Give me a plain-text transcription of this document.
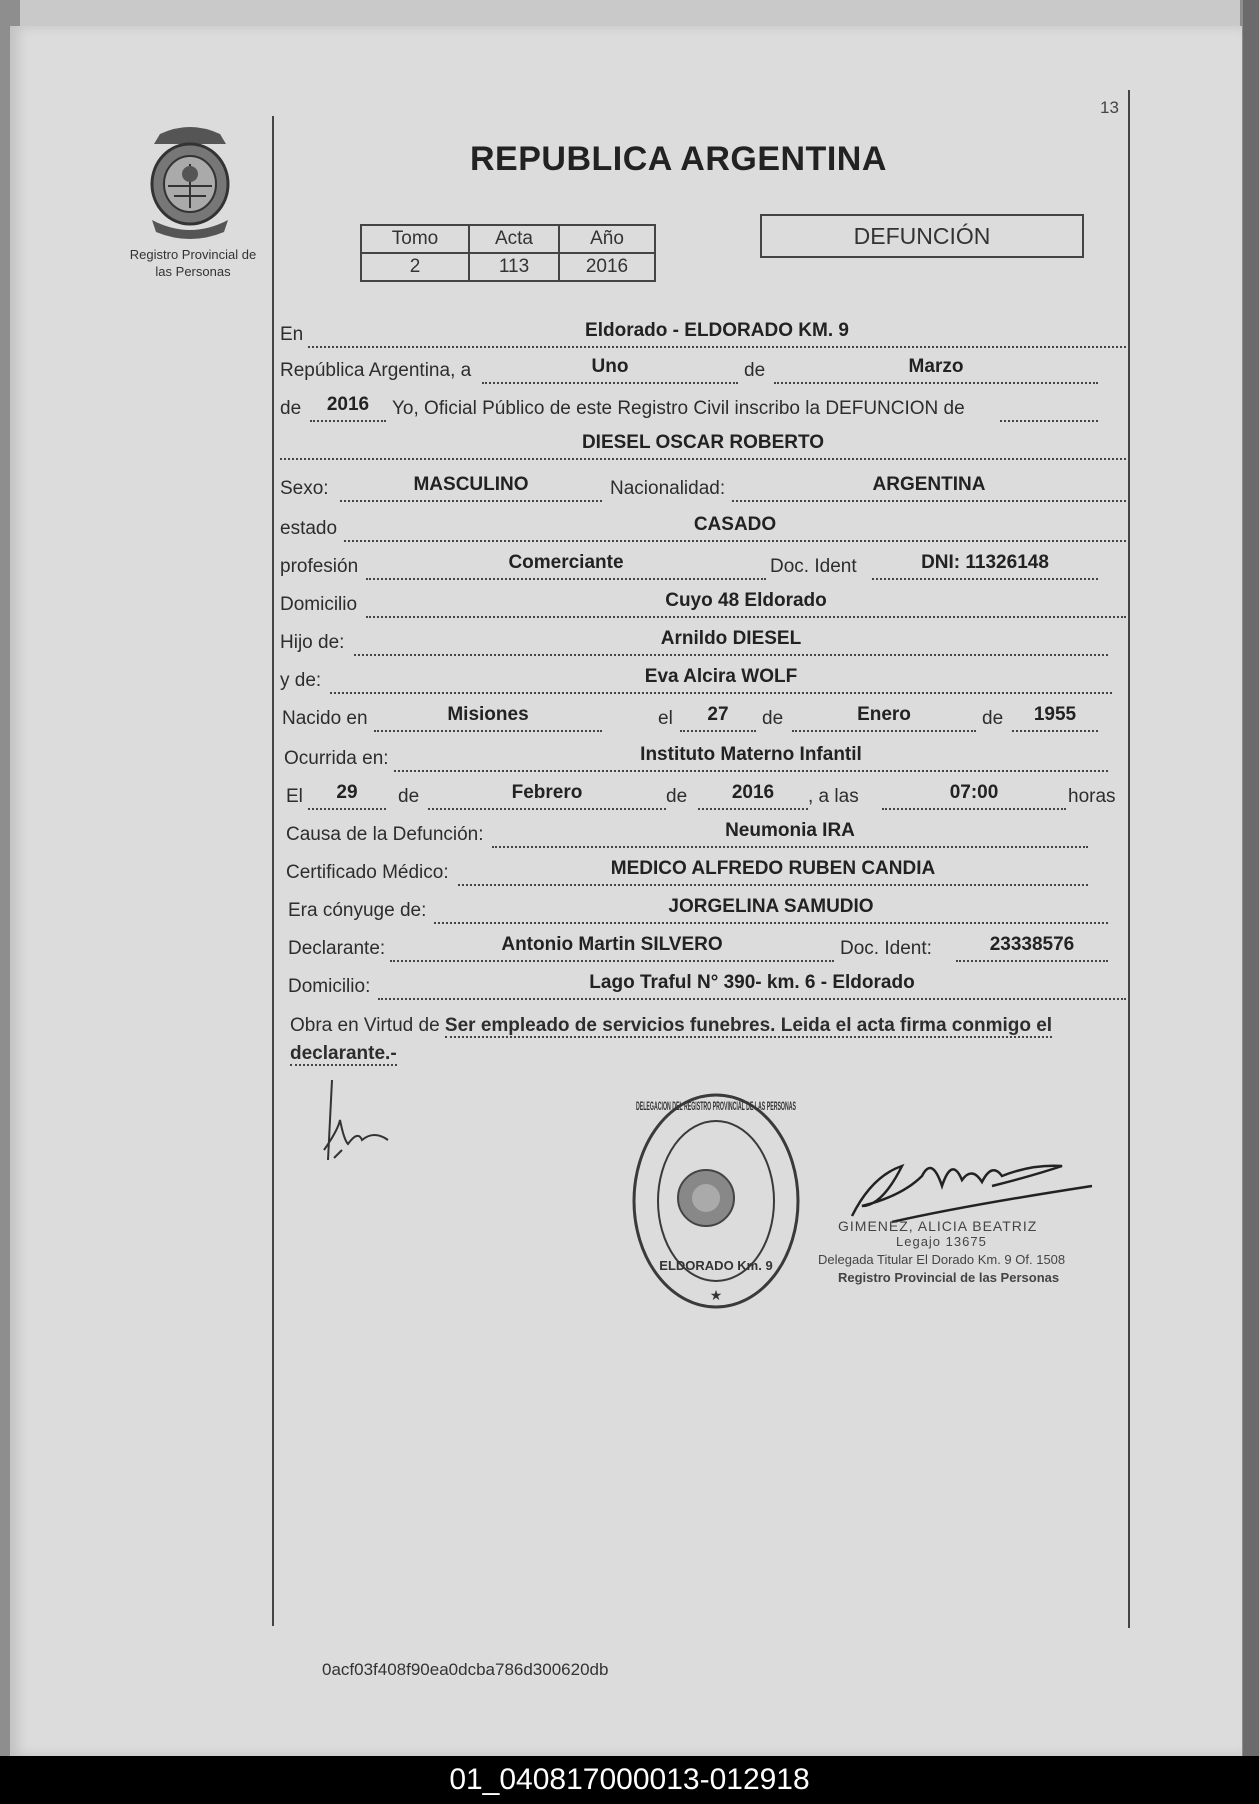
Registro Provincial de
las Personas
13
REPUBLICA ARGENTINA
Tomo	Acta	Año
2	113	2016
DEFUNCIÓN
En	Eldorado - ELDORADO KM. 9
República Argentina, a	Uno	de	Marzo
de	2016	Yo, Oficial Público de este Registro Civil inscribo la DEFUNCION de
DIESEL OSCAR ROBERTO
Sexo:	MASCULINO	Nacionalidad:	ARGENTINA
estado	CASADO
profesión	Comerciante	Doc. Ident	DNI: 11326148
Domicilio	Cuyo 48 Eldorado
Hijo de:	Arnildo DIESEL
y de:	Eva Alcira WOLF
Nacido en	Misiones	el	27	de	Enero	de	1955
Ocurrida en:	Instituto Materno Infantil
El	29	de	Febrero	de	2016	, a las	07:00	horas
Causa de la Defunción:	Neumonia IRA
Certificado Médico:	MEDICO ALFREDO RUBEN CANDIA
Era cónyuge de:	JORGELINA SAMUDIO
Declarante:	Antonio Martin SILVERO	Doc. Ident:	23338576
Domicilio:	Lago Traful N° 390- km. 6 - Eldorado
Obra en Virtud de Ser empleado de servicios funebres. Leida el acta firma conmigo el
declarante.-
DELEGACION DEL REGISTRO PROVINCIAL DE LAS PERSONAS
ELDORADO Km. 9
★
GIMENEZ, ALICIA BEATRIZ
Legajo 13675
Delegada Titular El Dorado Km. 9 Of. 1508
Registro Provincial de las Personas
0acf03f408f90ea0dcba786d300620db
01_040817000013-012918
